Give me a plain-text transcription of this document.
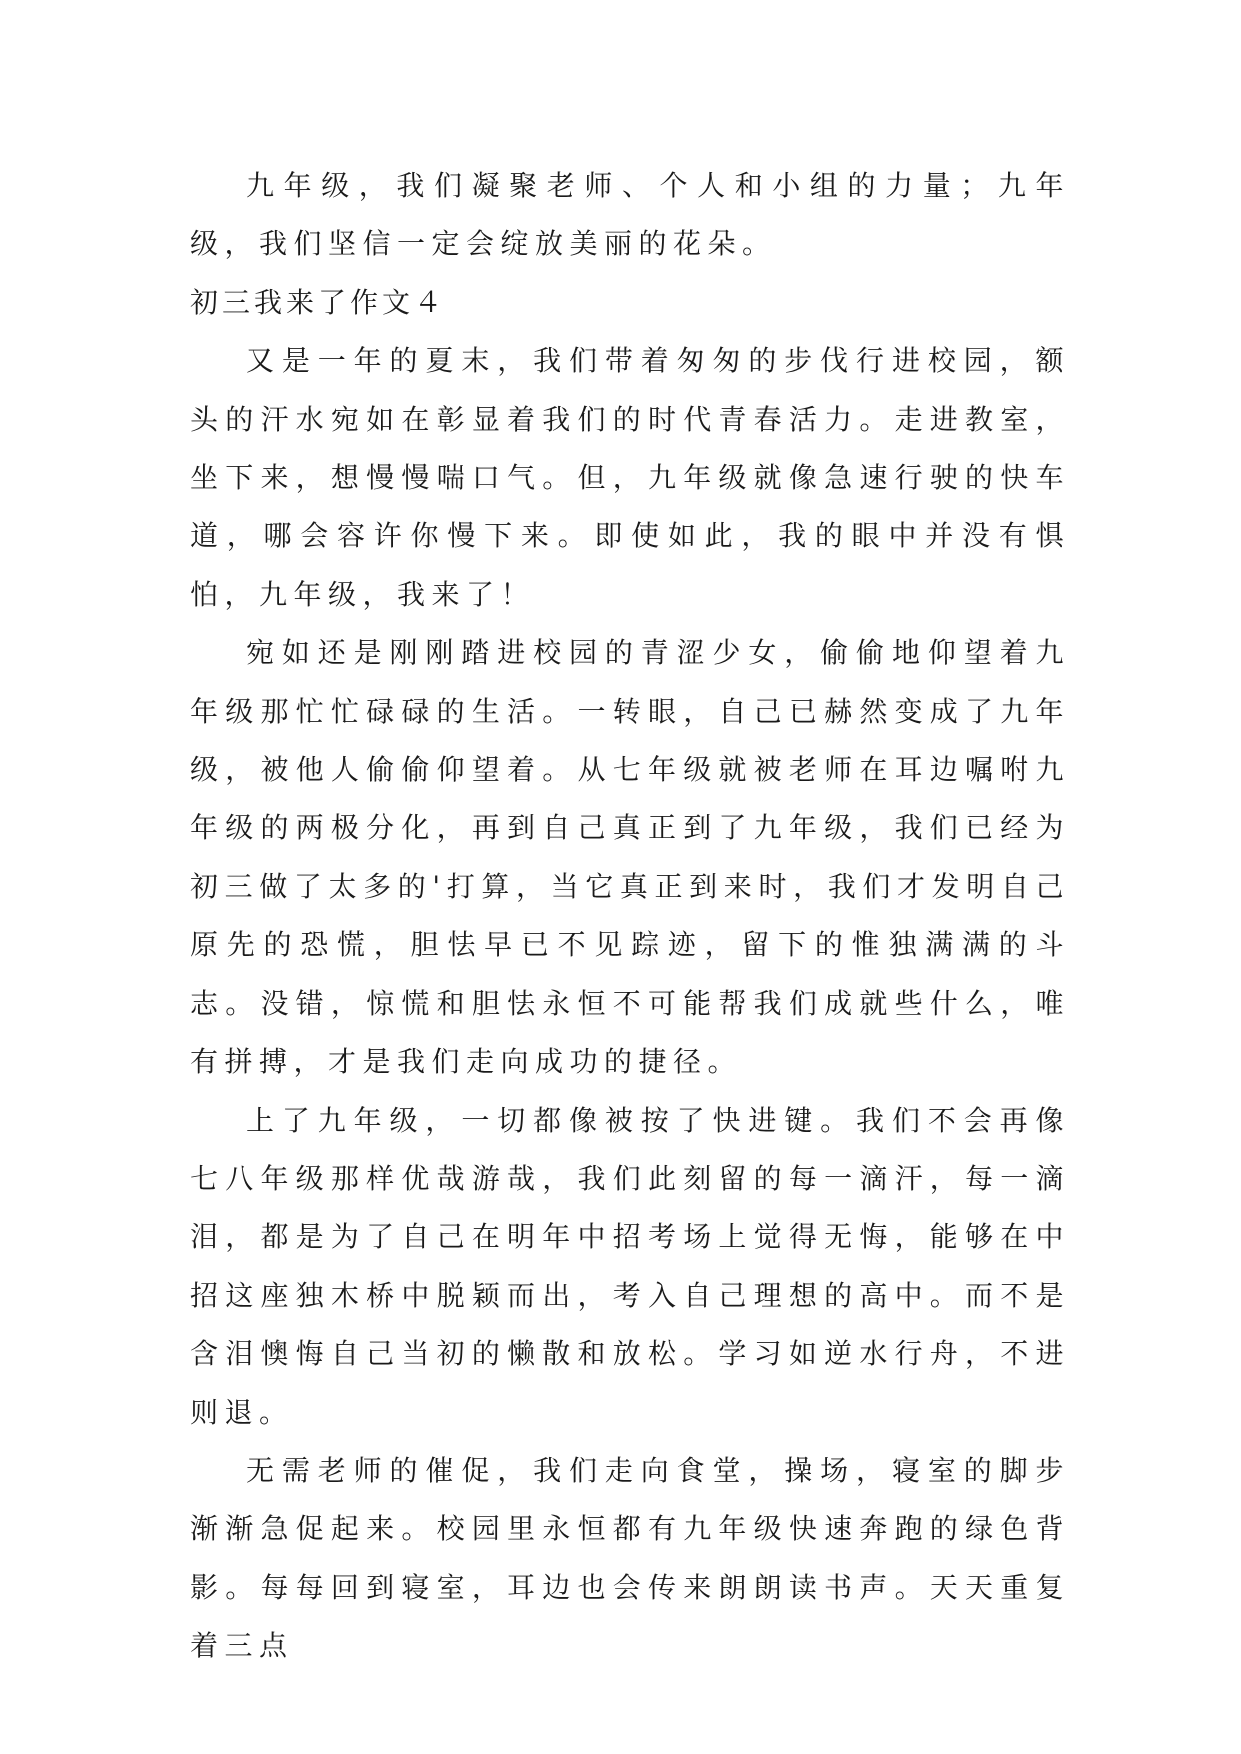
九年级，我们凝聚老师、个人和小组的力量；九年级，我们坚信一定会绽放美丽的花朵。

初三我来了作文４

又是一年的夏末，我们带着匆匆的步伐行进校园，额头的汗水宛如在彰显着我们的时代青春活力。走进教室，坐下来，想慢慢喘口气。但，九年级就像急速行驶的快车道，哪会容许你慢下来。即使如此，我的眼中并没有惧怕，九年级，我来了！

宛如还是刚刚踏进校园的青涩少女，偷偷地仰望着九年级那忙忙碌碌的生活。一转眼，自己已赫然变成了九年级，被他人偷偷仰望着。从七年级就被老师在耳边嘱咐九年级的两极分化，再到自己真正到了九年级，我们已经为初三做了太多的'打算，当它真正到来时，我们才发明自己原先的恐慌，胆怯早已不见踪迹，留下的惟独满满的斗志。没错，惊慌和胆怯永恒不可能帮我们成就些什么，唯有拼搏，才是我们走向成功的捷径。

上了九年级，一切都像被按了快进键。我们不会再像七八年级那样优哉游哉，我们此刻留的每一滴汗，每一滴泪，都是为了自己在明年中招考场上觉得无悔，能够在中招这座独木桥中脱颖而出，考入自己理想的高中。而不是含泪懊悔自己当初的懒散和放松。学习如逆水行舟，不进则退。

无需老师的催促，我们走向食堂，操场，寝室的脚步渐渐急促起来。校园里永恒都有九年级快速奔跑的绿色背影。每每回到寝室，耳边也会传来朗朗读书声。天天重复着三点
